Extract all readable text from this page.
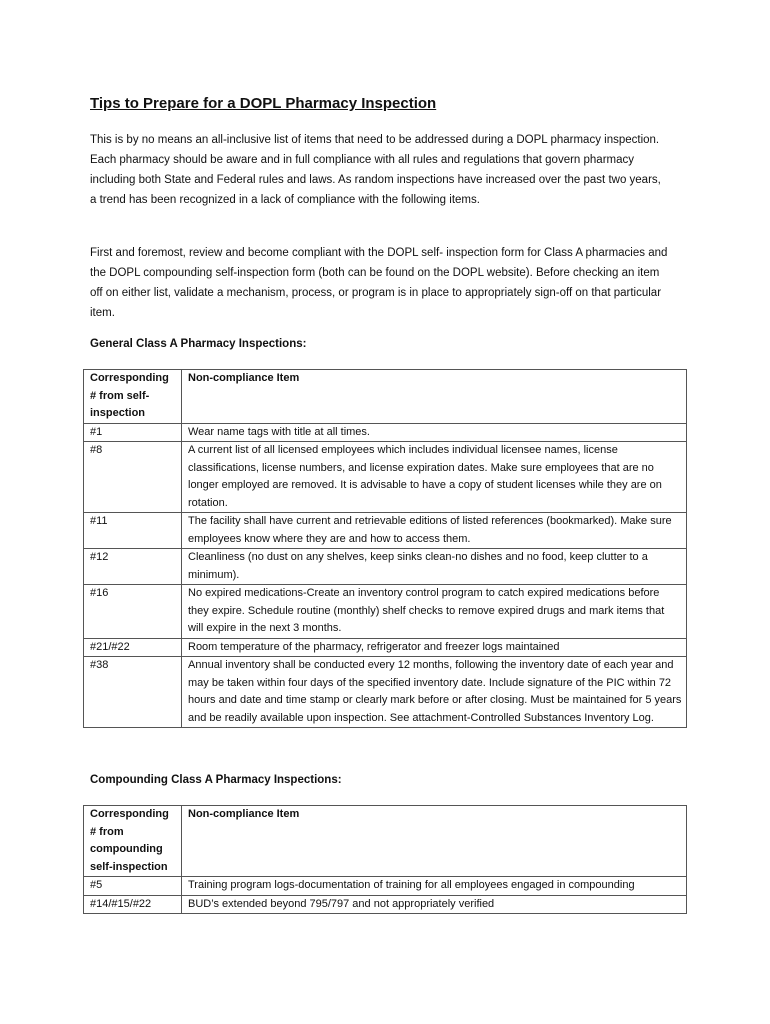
Tips to Prepare for a DOPL Pharmacy Inspection

This is by no means an all-inclusive list of items that need to be addressed during a DOPL pharmacy inspection. Each pharmacy should be aware and in full compliance with all rules and regulations that govern pharmacy including both State and Federal rules and laws. As random inspections have increased over the past two years, a trend has been recognized in a lack of compliance with the following items.

First and foremost, review and become compliant with the DOPL self- inspection form for Class A pharmacies and the DOPL compounding self-inspection form (both can be found on the DOPL website). Before checking an item off on either list, validate a mechanism, process, or program is in place to appropriately sign-off on that particular item.

General Class A Pharmacy Inspections:
Corresponding # from self-inspection	Non-compliance Item
#1	Wear name tags with title at all times.
#8	A current list of all licensed employees which includes individual licensee names, license classifications, license numbers, and license expiration dates. Make sure employees that are no longer employed are removed. It is advisable to have a copy of student licenses while they are on rotation.
#11	The facility shall have current and retrievable editions of listed references (bookmarked). Make sure employees know where they are and how to access them.
#12	Cleanliness (no dust on any shelves, keep sinks clean-no dishes and no food, keep clutter to a minimum).
#16	No expired medications-Create an inventory control program to catch expired medications before they expire. Schedule routine (monthly) shelf checks to remove expired drugs and mark items that will expire in the next 3 months.
#21/#22	Room temperature of the pharmacy, refrigerator and freezer logs maintained
#38	Annual inventory shall be conducted every 12 months, following the inventory date of each year and may be taken within four days of the specified inventory date. Include signature of the PIC within 72 hours and date and time stamp or clearly mark before or after closing. Must be maintained for 5 years and be readily available upon inspection. See attachment-Controlled Substances Inventory Log.
Compounding Class A Pharmacy Inspections:
Corresponding # from compounding self-inspection	Non-compliance Item
#5	Training program logs-documentation of training for all employees engaged in compounding
#14/#15/#22	BUD’s extended beyond 795/797 and not appropriately verified
